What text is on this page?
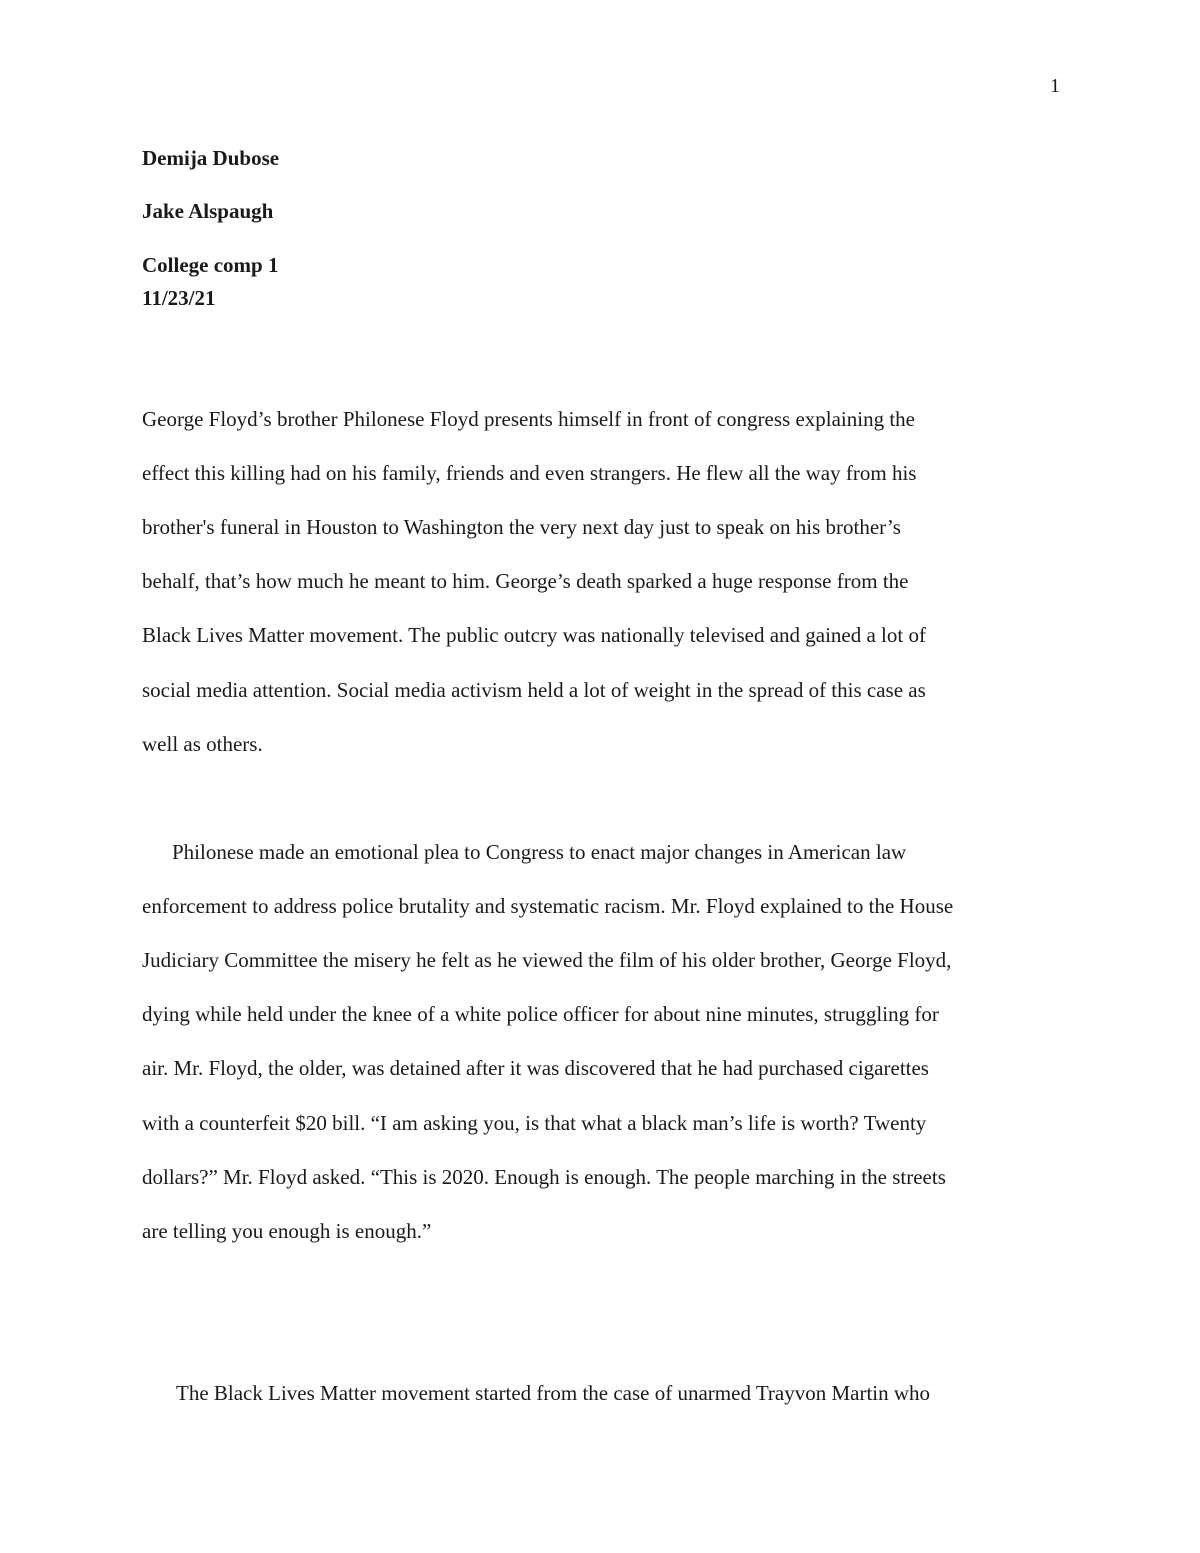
1
Demija Dubose
Jake Alspaugh
College comp 1
11/23/21
George Floyd’s brother Philonese Floyd presents himself in front of congress explaining the
effect this killing had on his family, friends and even strangers. He flew all the way from his
brother's funeral in Houston to Washington the very next day just to speak on his brother’s
behalf, that’s how much he meant to him. George’s death sparked a huge response from the
Black Lives Matter movement. The public outcry was nationally televised and gained a lot of
social media attention. Social media activism held a lot of weight in the spread of this case as
well as others.
Philonese made an emotional plea to Congress to enact major changes in American law
enforcement to address police brutality and systematic racism. Mr. Floyd explained to the House
Judiciary Committee the misery he felt as he viewed the film of his older brother, George Floyd,
dying while held under the knee of a white police officer for about nine minutes, struggling for
air. Mr. Floyd, the older, was detained after it was discovered that he had purchased cigarettes
with a counterfeit $20 bill. “I am asking you, is that what a black man’s life is worth? Twenty
dollars?” Mr. Floyd asked. “This is 2020. Enough is enough. The people marching in the streets
are telling you enough is enough.”
The Black Lives Matter movement started from the case of unarmed Trayvon Martin who
